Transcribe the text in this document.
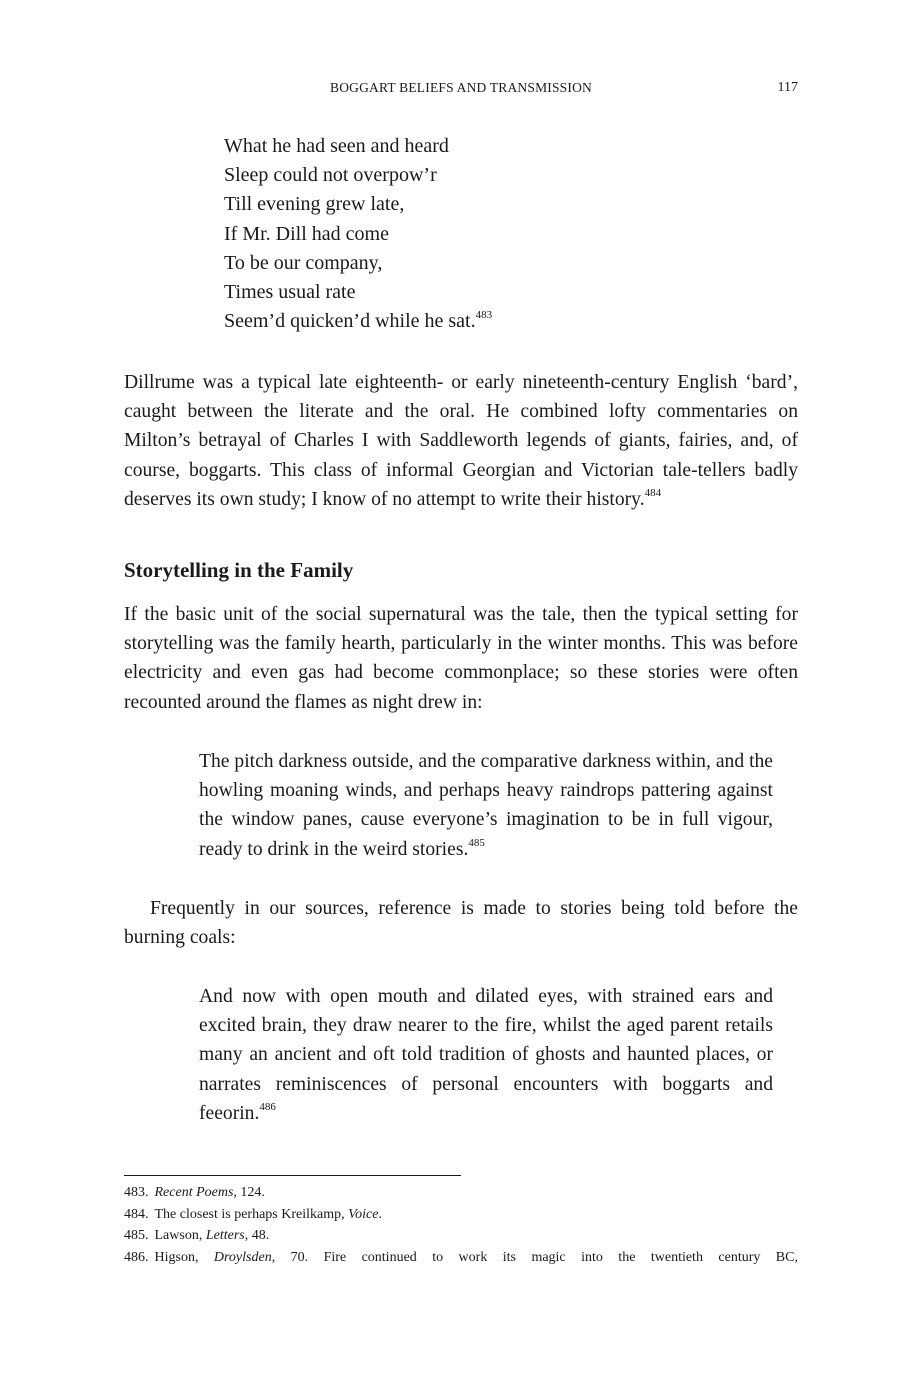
BOGGART BELIEFS AND TRANSMISSION	117
What he had seen and heard
Sleep could not overpow’r
Till evening grew late,
If Mr. Dill had come
To be our company,
Times usual rate
Seem’d quicken’d while he sat.$^{483}$

Dillrume was a typical late eighteenth- or early nineteenth-century English ‘bard’, caught between the literate and the oral. He combined lofty commentaries on Milton’s betrayal of Charles I with Saddleworth legends of giants, fairies, and, of course, boggarts. This class of informal Georgian and Victorian tale-tellers badly deserves its own study; I know of no attempt to write their history.$^{484}$

Storytelling in the Family

If the basic unit of the social supernatural was the tale, then the typical setting for storytelling was the family hearth, particularly in the winter months. This was before electricity and even gas had become commonplace; so these stories were often recounted around the flames as night drew in:

The pitch darkness outside, and the comparative darkness within, and the howling moaning winds, and perhaps heavy raindrops pattering against the window panes, cause everyone’s imagination to be in full vigour, ready to drink in the weird stories.$^{485}$

Frequently in our sources, reference is made to stories being told before the burning coals:

And now with open mouth and dilated eyes, with strained ears and excited brain, they draw nearer to the fire, whilst the aged parent retails many an ancient and oft told tradition of ghosts and haunted places, or narrates reminiscences of personal encounters with boggarts and feeorin.$^{486}$
483. Recent Poems, 124.
484. The closest is perhaps Kreilkamp, Voice.
485. Lawson, Letters, 48.
486. Higson, Droylsden, 70. Fire continued to work its magic into the twentieth century BC,
